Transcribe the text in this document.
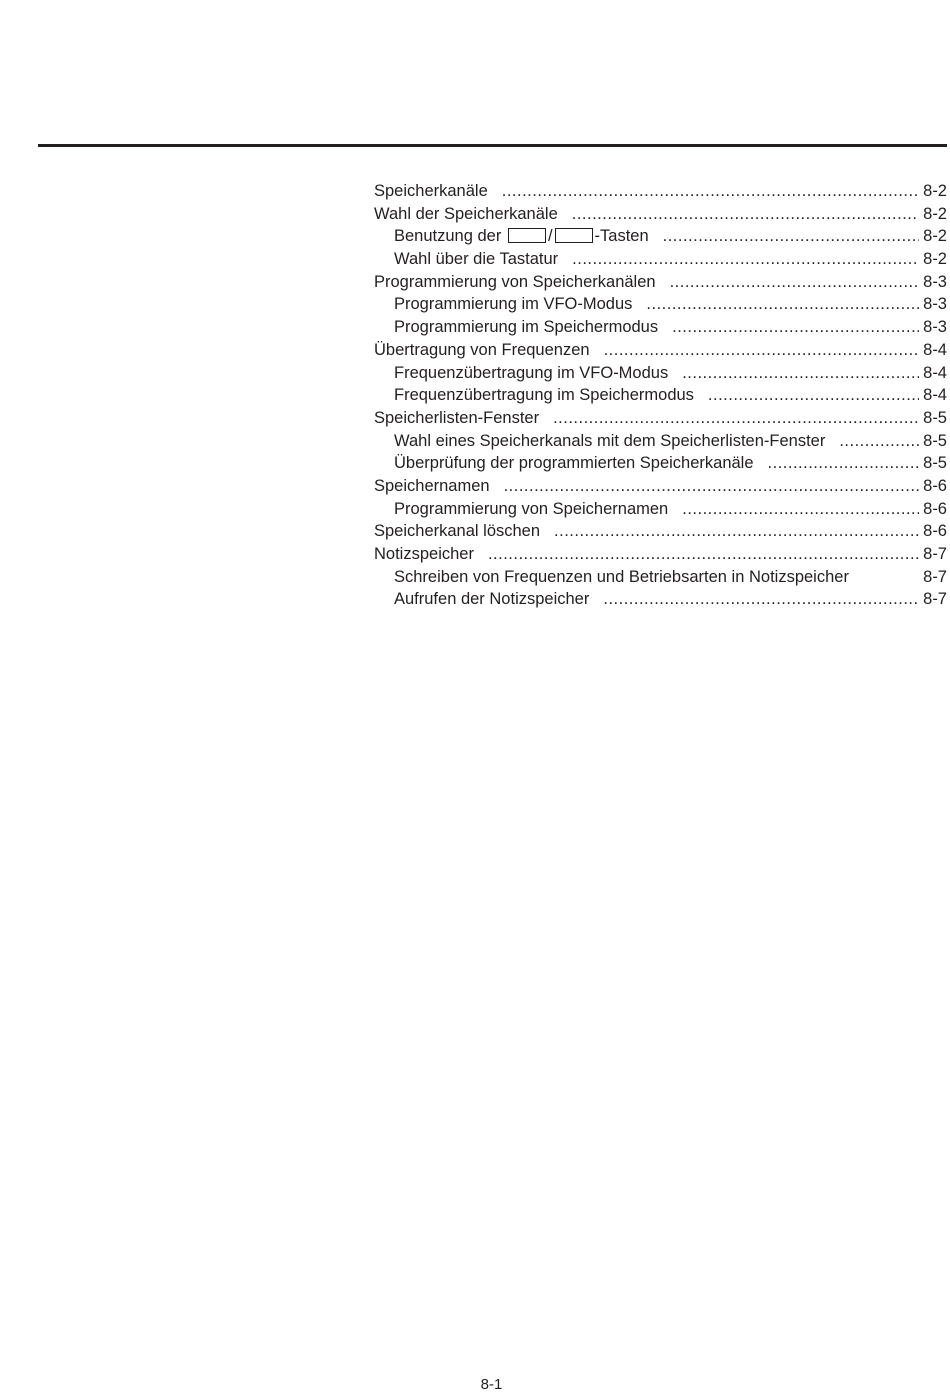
Speicherkanäle .....	8-2
Wahl der Speicherkanäle .....	8-2
Benutzung der	/	-Tasten .....	8-2
Wahl über die Tastatur .....	8-2
Programmierung von Speicherkanälen .....	8-3
Programmierung im VFO-Modus .....	8-3
Programmierung im Speichermodus .....	8-3
Übertragung von Frequenzen .....	8-4
Frequenzübertragung im VFO-Modus .....	8-4
Frequenzübertragung im Speichermodus .....	8-4
Speicherlisten-Fenster .....	8-5
Wahl eines Speicherkanals mit dem Speicherlisten-Fenster .....	8-5
Überprüfung der programmierten Speicherkanäle .....	8-5
Speichernamen .....	8-6
Programmierung von Speichernamen .....	8-6
Speicherkanal löschen .....	8-6
Notizspeicher .....	8-7
Schreiben von Frequenzen und Betriebsarten in Notizspeicher	8-7
Aufrufen der Notizspeicher .....	8-7
8-1
